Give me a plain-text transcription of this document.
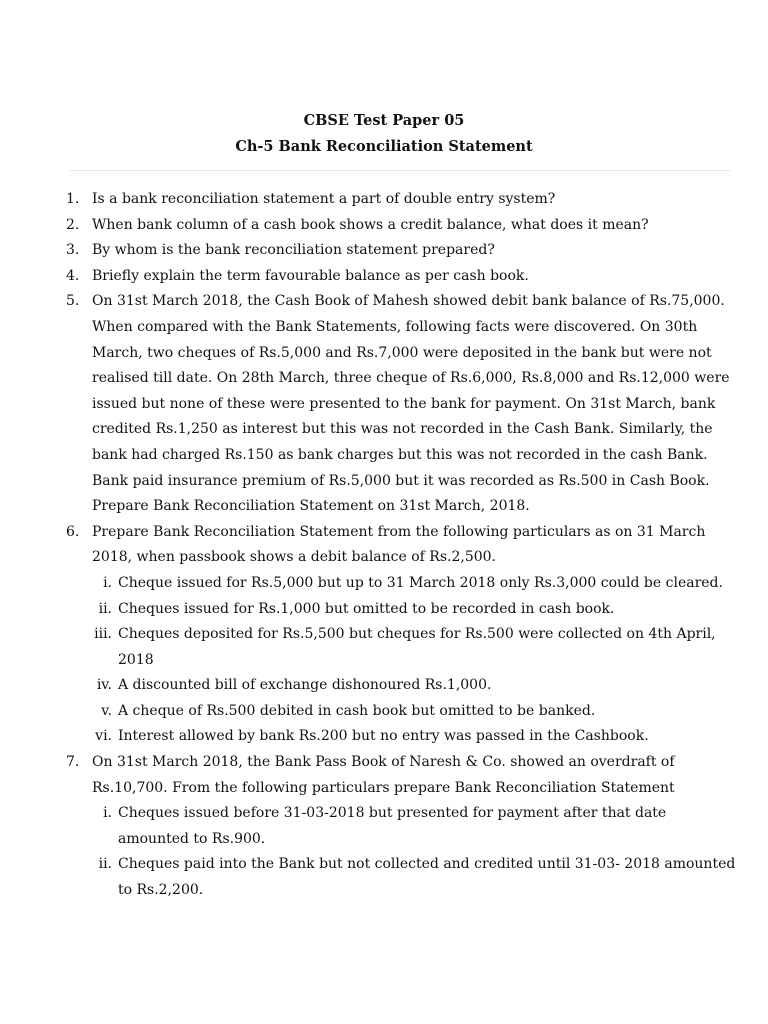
CBSE Test Paper 05
Ch-5 Bank Reconciliation Statement
1. Is a bank reconciliation statement a part of double entry system?

2. When bank column of a cash book shows a credit balance, what does it mean?

3. By whom is the bank reconciliation statement prepared?

4. Briefly explain the term favourable balance as per cash book.

5. On 31st March 2018, the Cash Book of Mahesh showed debit bank balance of Rs.75,000. When compared with the Bank Statements, following facts were discovered. On 30th March, two cheques of Rs.5,000 and Rs.7,000 were deposited in the bank but were not realised till date. On 28th March, three cheque of Rs.6,000, Rs.8,000 and Rs.12,000 were issued but none of these were presented to the bank for payment. On 31st March, bank credited Rs.1,250 as interest but this was not recorded in the Cash Bank. Similarly, the bank had charged Rs.150 as bank charges but this was not recorded in the cash Bank.

Bank paid insurance premium of Rs.5,000 but it was recorded as Rs.500 in Cash Book.

Prepare Bank Reconciliation Statement on 31st March, 2018.

6. Prepare Bank Reconciliation Statement from the following particulars as on 31 March 2018, when passbook shows a debit balance of Rs.2,500.

i. Cheque issued for Rs.5,000 but up to 31 March 2018 only Rs.3,000 could be cleared.
ii. Cheques issued for Rs.1,000 but omitted to be recorded in cash book.
iii. Cheques deposited for Rs.5,500 but cheques for Rs.500 were collected on 4th April, 2018
iv. A discounted bill of exchange dishonoured Rs.1,000.
v. A cheque of Rs.500 debited in cash book but omitted to be banked.
vi. Interest allowed by bank Rs.200 but no entry was passed in the Cashbook.
7. On 31st March 2018, the Bank Pass Book of Naresh & Co. showed an overdraft of Rs.10,700. From the following particulars prepare Bank Reconciliation Statement

i. Cheques issued before 31-03-2018 but presented for payment after that date amounted to Rs.900.
ii. Cheques paid into the Bank but not collected and credited until 31-03- 2018 amounted to Rs.2,200.
